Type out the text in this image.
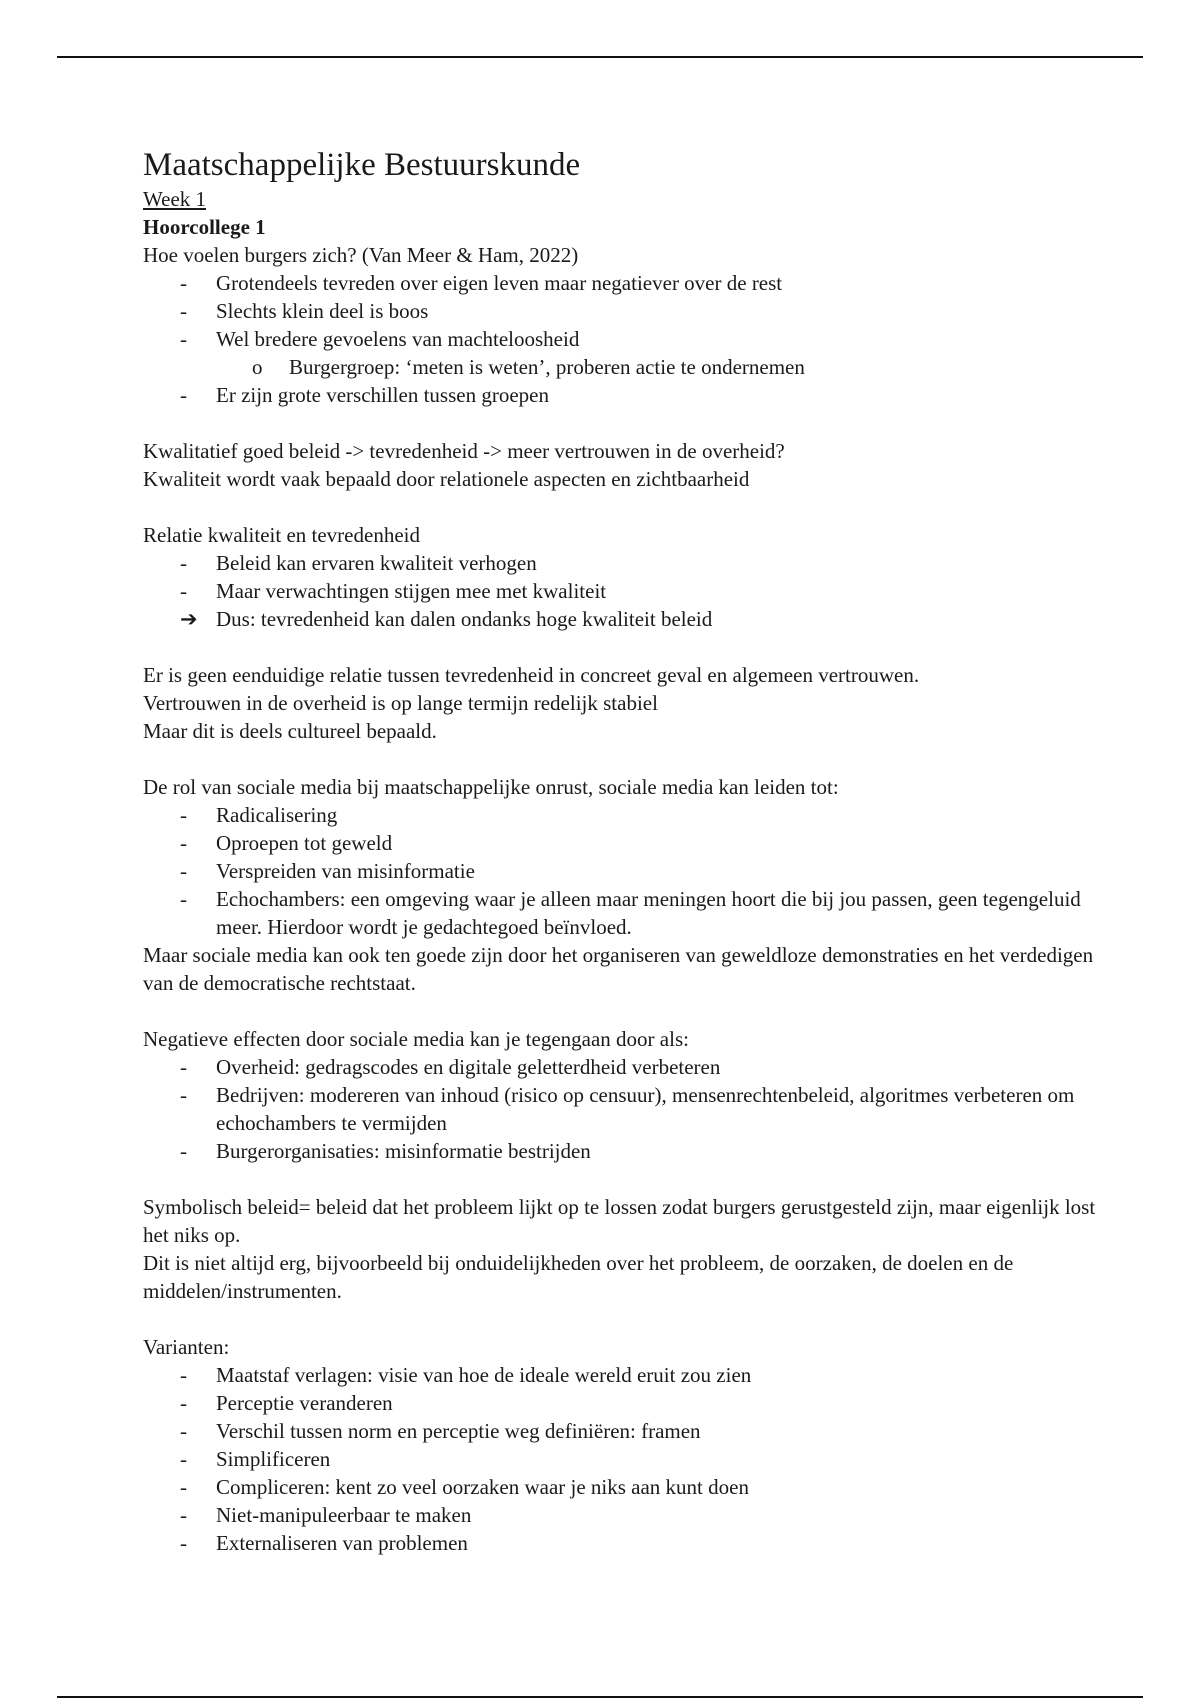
Maatschappelijke Bestuurskunde
Week 1
Hoorcollege 1
Hoe voelen burgers zich? (Van Meer & Ham, 2022)
-	Grotendeels tevreden over eigen leven maar negatiever over de rest
-	Slechts klein deel is boos
-	Wel bredere gevoelens van machteloosheid
o	Burgergroep: ‘meten is weten’, proberen actie te ondernemen
-	Er zijn grote verschillen tussen groepen
Kwalitatief goed beleid -> tevredenheid -> meer vertrouwen in de overheid?
Kwaliteit wordt vaak bepaald door relationele aspecten en zichtbaarheid
Relatie kwaliteit en tevredenheid
-	Beleid kan ervaren kwaliteit verhogen
-	Maar verwachtingen stijgen mee met kwaliteit
➔ Dus: tevredenheid kan dalen ondanks hoge kwaliteit beleid
Er is geen eenduidige relatie tussen tevredenheid in concreet geval en algemeen vertrouwen.
Vertrouwen in de overheid is op lange termijn redelijk stabiel
Maar dit is deels cultureel bepaald.
De rol van sociale media bij maatschappelijke onrust, sociale media kan leiden tot:
-	Radicalisering
-	Oproepen tot geweld
-	Verspreiden van misinformatie
-	Echochambers: een omgeving waar je alleen maar meningen hoort die bij jou passen, geen tegengeluid meer. Hierdoor wordt je gedachtegoed beïnvloed.
Maar sociale media kan ook ten goede zijn door het organiseren van geweldloze demonstraties en het verdedigen van de democratische rechtstaat.
Negatieve effecten door sociale media kan je tegengaan door als:
-	Overheid: gedragscodes en digitale geletterdheid verbeteren
-	Bedrijven: modereren van inhoud (risico op censuur), mensenrechtenbeleid, algoritmes verbeteren om echochambers te vermijden
-	Burgerorganisaties: misinformatie bestrijden
Symbolisch beleid= beleid dat het probleem lijkt op te lossen zodat burgers gerustgesteld zijn, maar eigenlijk lost het niks op.
Dit is niet altijd erg, bijvoorbeeld bij onduidelijkheden over het probleem, de oorzaken, de doelen en de middelen/instrumenten.
Varianten:
-	Maatstaf verlagen: visie van hoe de ideale wereld eruit zou zien
-	Perceptie veranderen
-	Verschil tussen norm en perceptie weg definiëren: framen
-	Simplificeren
-	Compliceren: kent zo veel oorzaken waar je niks aan kunt doen
-	Niet-manipuleerbaar te maken
-	Externaliseren van problemen
